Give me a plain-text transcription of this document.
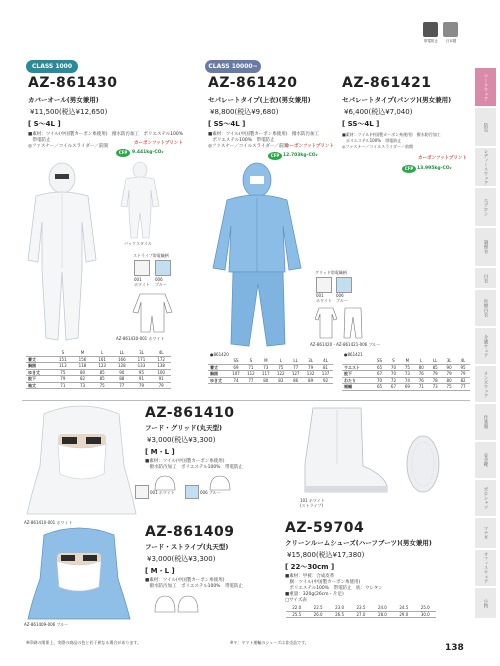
帯電防止	日本製
CLASS 1000	CLASS 10000~
AZ-861430
カバーオール(男女兼用)
¥11,500(税込¥12,650)
[ S～4L ]
■素材：ツイル(中国製カーボン糸使用)　撥水防汚加工　ポリエステル100%
　帯電防止
◎ファスナー／コイルスライダー／前開
カーボンフットプリント
CFP	9.441kg-CO₂
AZ-861420
セパレートタイプ(上衣)(男女兼用)
¥8,800(税込¥9,680)
[ SS～4L ]
■素材：ツイル(中国製カーボン糸使用)　撥水防汚加工
　ポリエステル100%　帯電防止
◎ファスナー／コイルスライダー／前開
カーボンフットプリント
CFP 12.703kg-CO₂
AZ-861421
セパレートタイプ(パンツ)(男女兼用)
¥6,400(税込¥7,040)
[ SS～4L ]
■素材：ツイル(中国製カーボン糸使用)　撥水防汚加工
　ポリエステル100%　帯電防止
◎ファスナー／コイルスライダー／前開
カーボンフットプリント
CFP 13.995kg-CO₂
バックスタイル
ストライプ帯電織柄
001
ホワイト
006
ブルー
AZ-861430-001 ホワイト
グリッド帯電織柄
001
ホワイト
006
ブルー
AZ-861420・AZ-861421-006 ブルー
	S	M	L	LL	3L	4L
着丈	151	156	161	166	171	172
胸囲	113	118	123	128	133	138
ゆき丈	75	80	85	90	95	100
股下	79	82	85	88	91	91
袖丈	71	73	75	77	79	79
●861420
	SS	S	M	L	LL	3L	4L
着丈	69	71	73	75	77	79	81
胸囲	107	112	117	122	127	132	137
ゆき丈	74	77	80	83	86	89	92
●861421
	SS	S	M	L	LL	3L	4L
ウエスト	65	70	75	80	85	90	95
股下	67	70	73	76	79	79	79
わたり	70	72	74	76	78	80	82
裾幅	65	67	69	71	73	75	77
AZ-861410-001 ホワイト
AZ-861410
フード・グリッド(丸天型)
¥3,000(税込¥3,300)
[ M・L ]
■素材：ツイル(中国製カーボン糸使用)
　撥水防汚加工　ポリエステル100%　帯電防止
001 ホワイト	006 ブルー
AZ-861409-006 ブルー
AZ-861409
フード・ストライプ(丸天型)
¥3,000(税込¥3,300)
[ M・L ]
■素材：ツイル(中国製カーボン糸使用)
　撥水防汚加工　ポリエステル100%　帯電防止
101 ホワイト
(ストライプ)
AZ-59704
クリーンルームシューズ(ハーフブーツ)(男女兼用)
¥15,800(税込¥17,380)
[ 22～30cm ]
■素材：甲被：合成皮革
　胴：ツイル(中国製カーボン糸使用)
　ポリエステル100%　帯電防止　底：ウレタン
■重量：320g(26cm・片足)
□サイズ表
22.0	22.5	23.0	23.5	24.0	24.5	25.0
25.5	26.0	26.5	27.0	28.0	29.0	30.0
※印刷の関係上、実際の商品の色と若干異なる場合があります。	※〒：ヤマト運輸のシューズは非売品です。
138
ワークウェア
防災
レディースウェア
エプロン
調理衣
白衣
医療白衣
介護ウェア
メンズウェア
作業服
安全靴
ポロシャツ
ツナギ
オフィスウェア
小物
